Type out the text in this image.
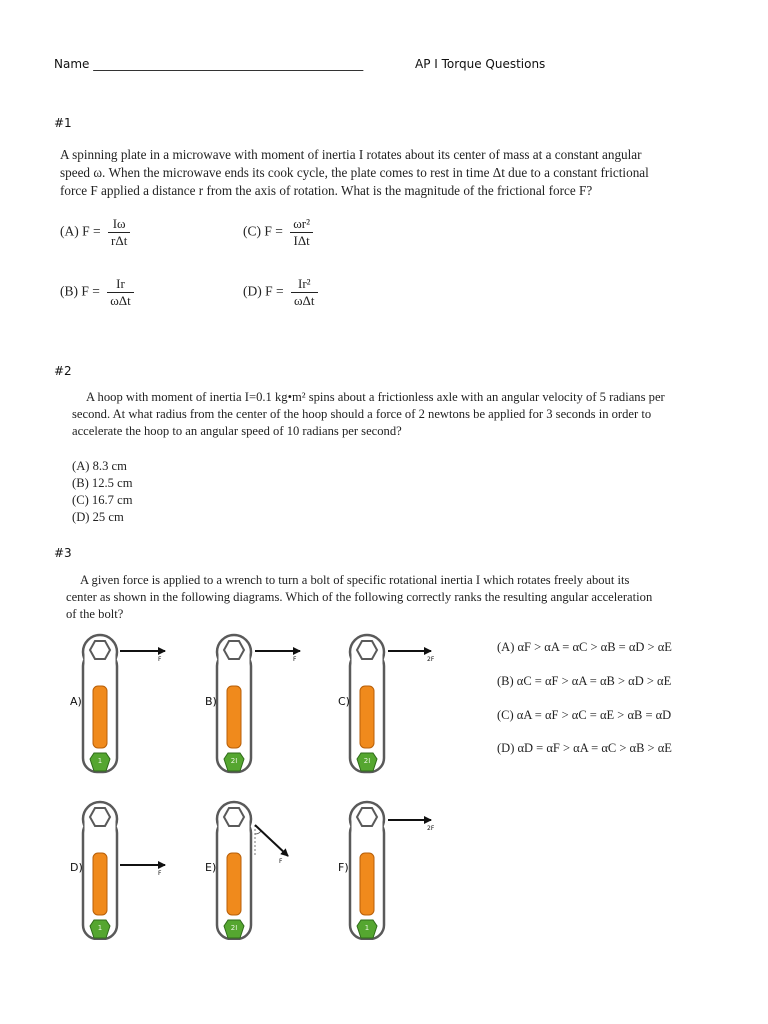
Name _____________________________________________	AP I Torque Questions
#1
A spinning plate in a microwave with moment of inertia I rotates about its center of mass at a constant angular
speed ω. When the microwave ends its cook cycle, the plate comes to rest in time Δt due to a constant frictional
force F applied a distance r from the axis of rotation. What is the magnitude of the frictional force F?
(A) $F = \frac{I\omega}{\text{rΔt}}$	(C) $F = \frac{\text{ωr²}}{\text{IΔt}}$
(B) $F = \frac{Ir}{\text{ωΔt}}$	(D) $F = \frac{\text{Ir²}}{\text{ωΔt}}$
#2
A hoop with moment of inertia I=0.1 kg•m² spins about a frictionless axle with an angular velocity of 5 radians per
second. At what radius from the center of the hoop should a force of 2 newtons be applied for 3 seconds in order to
accelerate the hoop to an angular speed of 10 radians per second?
(A) 8.3 cm
(B) 12.5 cm
(C) 16.7 cm
(D) 25 cm
#3
A given force is applied to a wrench to turn a bolt of specific rotational inertia I which rotates freely about its
center as shown in the following diagrams. Which of the following correctly ranks the resulting angular acceleration
of the bolt?
(A) αF > αA = αC > αB = αD > αE
(B) αC = αF > αA = αB > αD > αE
(C) αA = αF > αC = αE > αB = αD
(D) αD = αF > αA = αC > αB > αE
1
F
A)
2I
F
B)
2I
2F
C)
1
F
D)
2I
F
E)
1
2F
F)
